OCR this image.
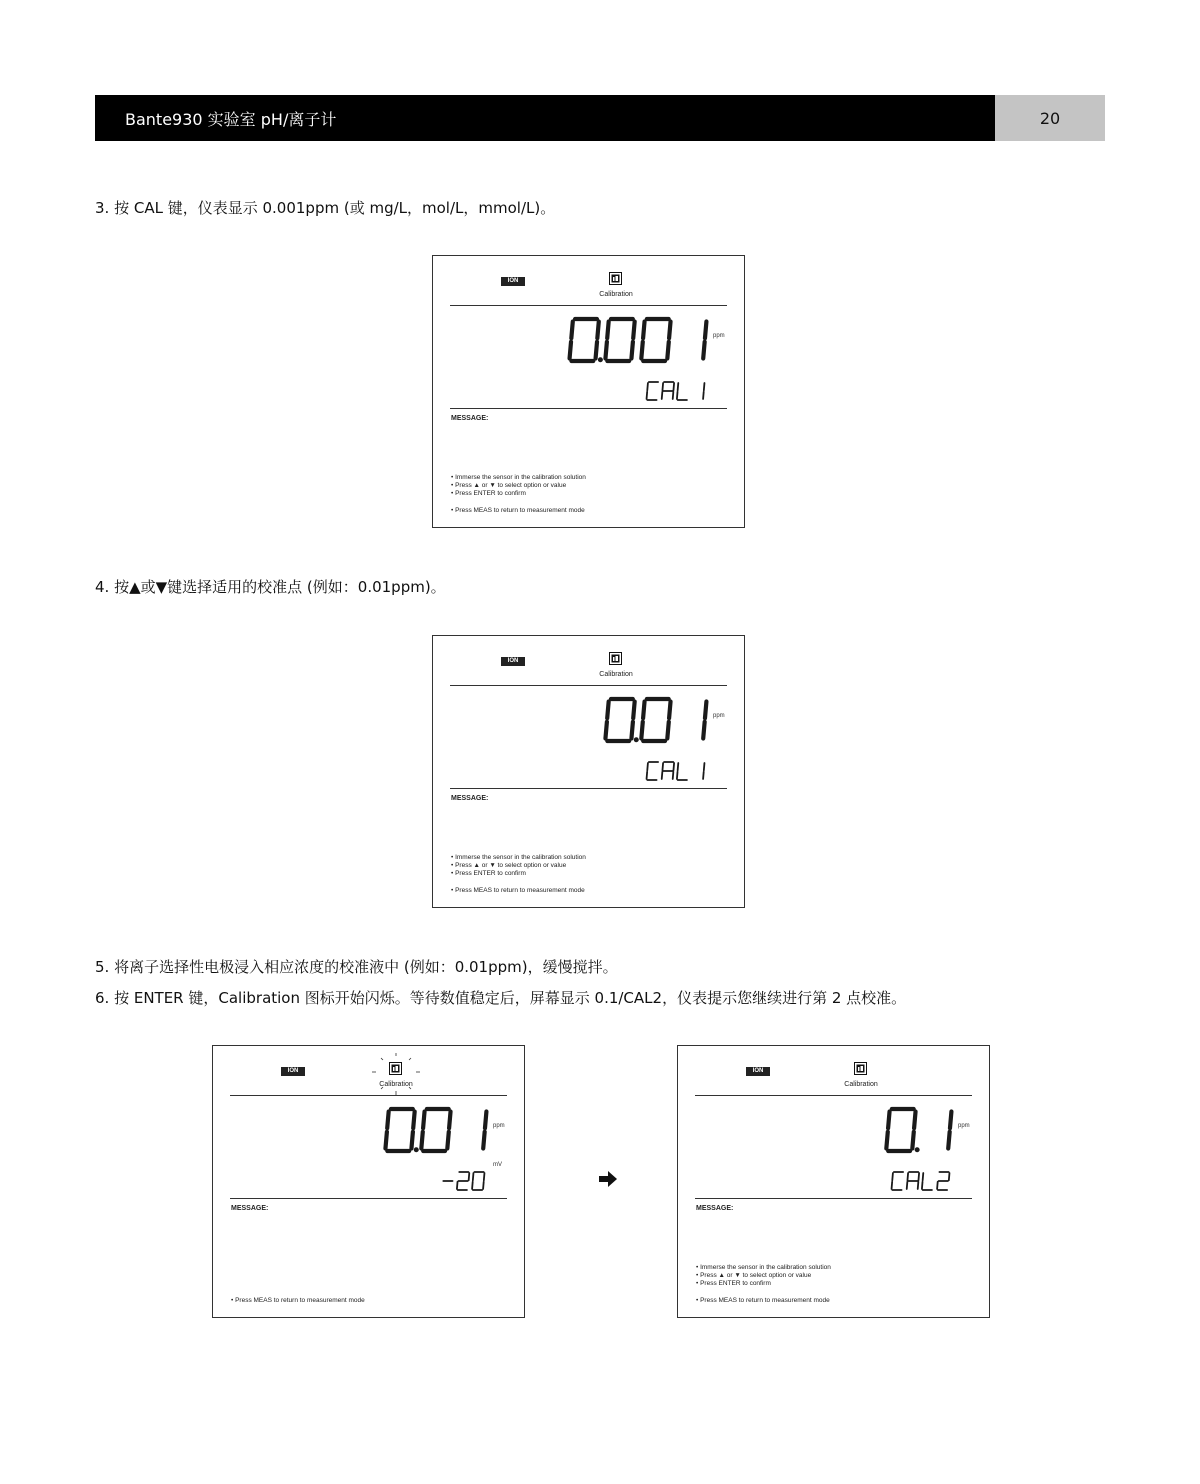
Bante930 实验室 pH/离子计	20
3. 按 CAL 键，仪表显示 0.001ppm (或 mg/L，mol/L，mmol/L)。
ION
Calibration
ppm
MESSAGE:
• Immerse the sensor in the calibration solution
• Press ▲ or ▼ to select option or value
• Press ENTER to confirm
• Press MEAS to return to measurement mode
4. 按▲或▼键选择适用的校准点 (例如：0.01ppm)。
ION
Calibration
ppm
MESSAGE:
• Immerse the sensor in the calibration solution
• Press ▲ or ▼ to select option or value
• Press ENTER to confirm
• Press MEAS to return to measurement mode
5. 将离子选择性电极浸入相应浓度的校准液中 (例如：0.01ppm)，缓慢搅拌。
6. 按 ENTER 键，Calibration 图标开始闪烁。等待数值稳定后，屏幕显示 0.1/CAL2，仪表提示您继续进行第 2 点校准。
ION
Calibration
ppm
mV
MESSAGE:
• Press MEAS to return to measurement mode
ION
Calibration
ppm
MESSAGE:
• Immerse the sensor in the calibration solution
• Press ▲ or ▼ to select option or value
• Press ENTER to confirm
• Press MEAS to return to measurement mode
